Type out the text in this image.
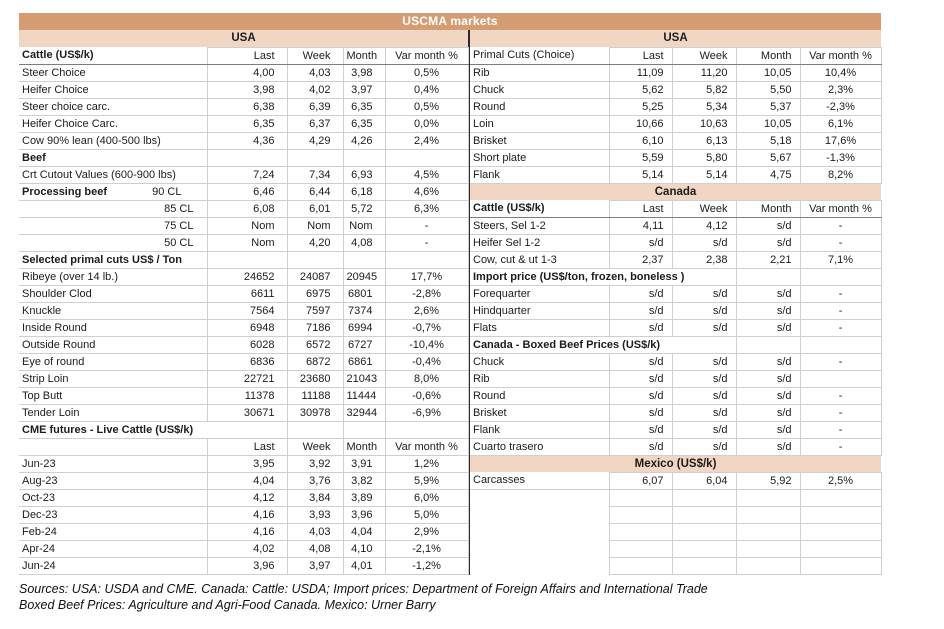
USCMA markets
USA				
Cattle (US$/k)	Last	Week	Month	Var month %
Steer Choice	4,00	4,03	3,98	0,5%
Heifer Choice	3,98	4,02	3,97	0,4%
Steer choice carc.	6,38	6,39	6,35	0,5%
Heifer Choice Carc.	6,35	6,37	6,35	0,0%
Cow 90% lean (400-500 lbs)	4,36	4,29	4,26	2,4%
Beef				
Crt Cutout Values (600-900 lbs)	7,24	7,34	6,93	4,5%

Processing beef 90 CL	6,46	6,44	6,18	4,6%
85 CL	6,08	6,01	5,72	6,3%
75 CL	Nom	Nom	Nom	-
50 CL	Nom	4,20	4,08	-
Selected primal cuts US$ / Ton				
Ribeye (over 14 lb.)	24652	24087	20945	17,7%
Shoulder Clod	6611	6975	6801	-2,8%
Knuckle	7564	7597	7374	2,6%
Inside Round	6948	7186	6994	-0,7%
Outside Round	6028	6572	6727	-10,4%
Eye of round	6836	6872	6861	-0,4%
Strip Loin	22721	23680	21043	8,0%
Top Butt	11378	11188	11444	-0,6%
Tender Loin	30671	30978	32944	-6,9%
CME futures - Live Cattle (US$/k)				
	Last	Week	Month	Var month %
Jun-23	3,95	3,92	3,91	1,2%
Aug-23	4,04	3,76	3,82	5,9%
Oct-23	4,12	3,84	3,89	6,0%
Dec-23	4,16	3,93	3,96	5,0%
Feb-24	4,16	4,03	4,04	2,9%
Apr-24	4,02	4,08	4,10	-2,1%
Jun-24	3,96	3,97	4,01	-1,2%
USA				
Primal Cuts (Choice)	Last	Week	Month	Var month %
Rib	11,09	11,20	10,05	10,4%
Chuck	5,62	5,82	5,50	2,3%
Round	5,25	5,34	5,37	-2,3%
Loin	10,66	10,63	10,05	6,1%
Brisket	6,10	6,13	5,18	17,6%
Short plate	5,59	5,80	5,67	-1,3%
Flank	5,14	5,14	4,75	8,2%
Canada				
Cattle (US$/k)	Last	Week	Month	Var month %
Steers, Sel 1-2	4,11	4,12	s/d	-
Heifer Sel 1-2	s/d	s/d	s/d	-
Cow, cut & ut 1-3	2,37	2,38	2,21	7,1%
Import price (US$/ton, frozen, boneless )				
Forequarter	s/d	s/d	s/d	-
Hindquarter	s/d	s/d	s/d	-
Flats	s/d	s/d	s/d	-
Canada - Boxed Beef Prices (US$/k)				
Chuck	s/d	s/d	s/d	-
Rib	s/d	s/d	s/d	
Round	s/d	s/d	s/d	-
Brisket	s/d	s/d	s/d	-
Flank	s/d	s/d	s/d	-
Cuarto trasero	s/d	s/d	s/d	-
Mexico (US$/k)				
Carcasses	6,07	6,04	5,92	2,5%

Sources: USA: USDA and CME. Canada: Cattle: USDA; Import prices: Department of Foreign Affairs and International Trade
Boxed Beef Prices: Agriculture and Agri-Food Canada. Mexico: Urner Barry
